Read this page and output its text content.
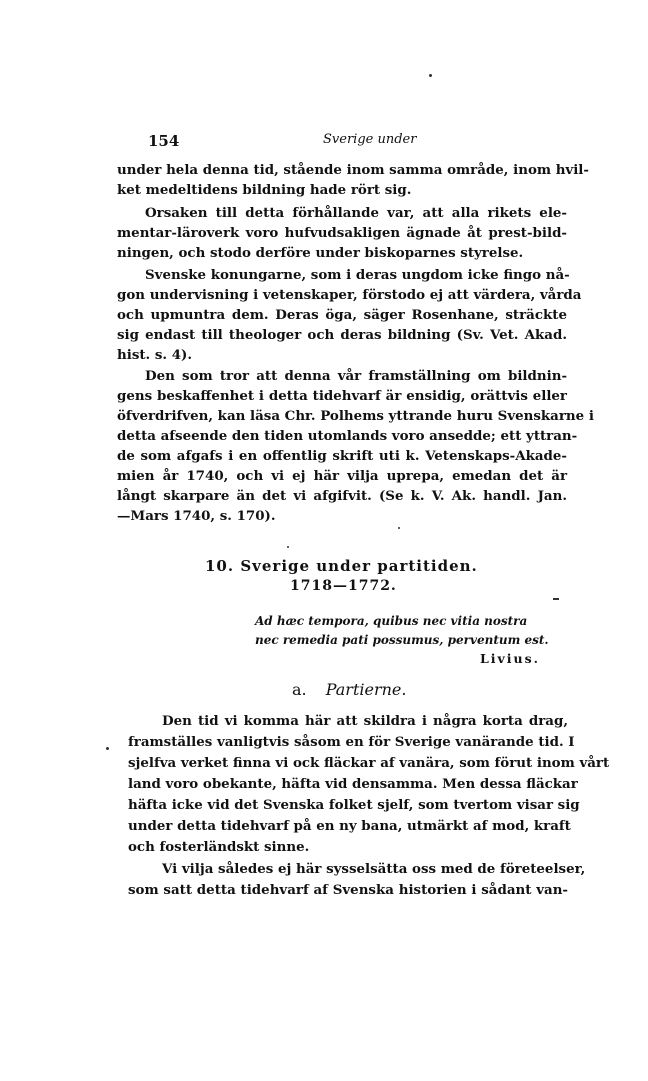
154	Sverige under
under hela denna tid, stående inom samma område, inom hvil-
ket medeltidens bildning hade rört sig.
Orsaken till detta förhållande var, att alla rikets ele-
mentar-läroverk voro hufvudsakligen ägnade åt prest-bild-
ningen, och stodo derföre under biskoparnes styrelse.
Svenske konungarne, som i deras ungdom icke fingo nå-
gon undervisning i vetenskaper, förstodo ej att värdera, vårda
och upmuntra dem. Deras öga, säger Rosenhane, sträckte
sig endast till theologer och deras bildning (Sv. Vet. Akad.
hist. s. 4).
Den som tror att denna vår framställning om bildnin-
gens beskaffenhet i detta tidehvarf är ensidig, orättvis eller
öfverdrifven, kan läsa Chr. Polhems yttrande huru Svenskarne i
detta afseende den tiden utomlands voro ansedde; ett yttran-
de som afgafs i en offentlig skrift uti k. Vetenskaps-Akade-
mien år 1740, och vi ej här vilja uprepa, emedan det är
långt skarpare än det vi afgifvit. (Se k. V. Ak. handl. Jan.
—Mars 1740, s. 170).
10. Sverige under partitiden.
1718—1772.
Ad hæc tempora, quibus nec vitia nostra
nec remedia pati possumus, perventum est.
Livius.
a. Partierne.
Den tid vi komma här att skildra i några korta drag,
framställes vanligtvis såsom en för Sverige vanärande tid. I
sjelfva verket finna vi ock fläckar af vanära, som förut inom vårt
land voro obekante, häfta vid densamma. Men dessa fläckar
häfta icke vid det Svenska folket sjelf, som tvertom visar sig
under detta tidehvarf på en ny bana, utmärkt af mod, kraft
och fosterländskt sinne.
Vi vilja således ej här sysselsätta oss med de företeelser,
som satt detta tidehvarf af Svenska historien i sådant van-
